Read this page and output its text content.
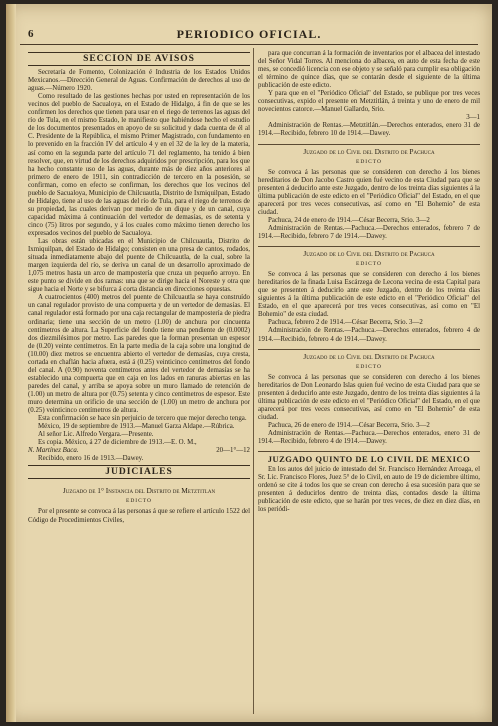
6	PERIODICO OFICIAL.
SECCION DE AVISOS

Secretaría de Fomento, Colonización é Industria de los Estados Unidos Mexicanos.—Dirección General de Aguas. Confirmación de derechos al uso de aguas.—Número 1920.

Como resultado de las gestiones hechas por usted en representación de los vecinos del pueblo de Sacualoya, en el Estado de Hidalgo, á fin de que se les confirmen los derechos que tienen para usar en el riego de terrenos las aguas del río de Tula, en el mismo Estado, le manifiesto que habiéndose hecho el estudio de los documentos presentados en apoyo de su solicitud y dada cuenta de él al C. Presidente de la República, el mismo Primer Magistrado, con fundamento en lo prevenido en la fracción IV del artículo 4 y en el 32 de la ley de la materia, así como en la segunda parte del artículo 71 del reglamento, ha tenido á bien resolver, que, en virtud de los derechos adquiridos por prescripción, para los que ha hecho constante uso de las aguas, durante más de diez años anteriores al primero de enero de 1911, sin contradicción de tercero en la posesión, se confirman, como en efecto se confirman, los derechos que los vecinos del pueblo de Sacualoya, Municipio de Chilcuautla, Distrito de Ixmiquilpan, Estado de Hidalgo, tiene al uso de las aguas del río de Tula, para el riego de terrenos de su propiedad, las cuales derivan por medio de un dique y de un canal, cuya capacidad máxima á continuación del vertedor de demasías, es de setenta y cinco (75) litros por segundo, y á los cuales como máximo tienen derecho los expresados vecinos del pueblo de Sacualoya.

Las obras están ubicadas en el Municipio de Chilcuautla, Distrito de Ixmiquilpan, del Estado de Hidalgo; consisten en una presa de cantos, rodados, situada inmediatamente abajo del puente de Chilcuautla, de la cual, sobre la margen izquierda del río, se deriva un canal de un desarrollo aproximado de 1,075 metros hasta un arco de mampostería que cruza un pequeño arroyo. En este punto se divide en dos ramas: una que se dirige hacia el Noreste y otra que sigue hacia el Norte y se bifurca á corta distancia en direcciones opuestas.

A cuatrocientos (400) metros del puente de Chilcuautla se haya construído un canal regulador provisto de una compuerta y de un vertedor de demasías. El canal regulador está formado por una caja rectangular de mampostería de piedra ordinaria; tiene una sección de un metro (1.00) de anchura por cincuenta centímetros de altura. La Superficie del fondo tiene una pendiente de (0.0002) dos diezmilésimos por metro. Las paredes que la forman presentan un espesor de (0.20) veinte centímetros. En la parte media de la caja sobre una longitud de (10.00) diez metros se encuentra abierto el vertedor de demasías, cuya cresta, cortada en chaflán hacia afuera, está á (0.25) veinticinco centímetros del fondo del canal. A (0.90) noventa centímetros antes del vertedor de demasías se ha establecido una compuerta que en caja en los lados en ranuras abiertas en las paredes del canal, y arriba se apoya sobre un muro llamado de retención de (1.00) un metro de altura por (0.75) setenta y cinco centímetros de espesor. Este muro determina un orificio de una sección de (1.00) un metro de anchura por (0.25) veinticinco centímetros de altura.

Esta confirmación se hace sin perjuicio de tercero que mejor derecho tenga.

México, 19 de septiembre de 1913.—Manuel Garza Aldape.—Rúbrica.

Al señor Lic. Alfredo Vergara.—Presente.

Es copia. México, á 27 de diciembre de 1913.—E. O. M.,

N. Martínez Baca.	20—1°—12

Recibido, enero 16 de 1913.—Dawey.

JUDICIALES
Juzgado de 1° Instancia del Distrito de Metztitlan
EDICTO

Por el presente se convoca á las personas á que se refiere el artículo 1522 del Código de Procedimientos Civiles,

para que concurran á la formación de inventarios por el albacea del intestado del Señor Vidal Torres. Al menciona do albacea, en auto de esta fecha de este mes, se concedió licencia con ese objeto y se señaló para cumplir esa obligación el término de quince días, que se contarán desde el siguiente de la última publicación de este edicto.

Y para que en el "Periódico Oficial" del Estado, se publique por tres veces consecutivas, expido el presente en Metztitlán, á treinta y uno de enero de mil novecientos catorce.—Manuel Gallardo, Srio.

3—1

Administración de Rentas.—Metztitlán.—Derechos enterados, enero 31 de 1914.—Recibido, febrero 10 de 1914.—Dawey.

Juzgado de lo Civil del Distrito de Pachuca
EDICTO

Se convoca á las personas que se consideren con derecho á los bienes hereditarios de Don Jacobo Castro quien fué vecino de esta Ciudad para que se presenten á deducirlo ante este Juzgado, dentro de los treinta días siguientes á la última publicación de este edicto en el "Periódico Oficial" del Estado, en el que aparecerá por tres veces consecutivas, así como en "El Bohemio" de esta ciudad.

Pachuca, 24 de enero de 1914.—César Becerra, Srio. 3—2

Administración de Rentas.—Pachuca.—Derechos enterados, febrero 7 de 1914.—Recibido, febrero 7 de 1914.—Dawey.

Juzgado de lo Civil del Distrito de Pachuca
EDICTO

Se convoca á las personas que se consideren con derecho á los bienes hereditarios de la finada Luisa Escárzega de Lecona vecina de esta Capital para que se presenten á deducirlo ante este Juzgado, dentro de los treinta días siguientes á la última publicación de este edicto en el "Periódico Oficial" del Estado, en el que aparecerá por tres veces consecutivas, así como en "El Bohemio" de esta ciudad.

Pachuca, febrero 2 de 1914.—César Becerra, Srio. 3—2

Administración de Rentas.—Pachuca.—Derechos enterados, febrero 4 de 1914.—Recibido, febrero 4 de 1914.—Dawey.

Juzgado de lo Civil del Distrito de Pachuca
EDICTO

Se convoca á las personas que se consideren con derecho á los bienes hereditarios de Don Leonardo Islas quien fué vecino de esta Ciudad para que se presenten á deducirlo ante este Juzgado, dentro de los treinta días siguientes á la última publicación de este edicto en el "Periódico Oficial" del Estado, en el que aparecerá por tres veces consecutivas, así como en "El Bohemio" de esta ciudad.

Pachuca, 26 de enero de 1914.—César Becerra, Srio. 3—2

Administración de Rentas.—Pachuca.—Derechos enterados, enero 31 de 1914.—Recibido, febrero 4 de 1914.—Dawey.

JUZGADO QUINTO DE LO CIVIL DE MEXICO

En los autos del juicio de intestado del Sr. Francisco Hernández Arroaga, el Sr. Lic. Francisco Flores, Juez 5° de lo Civil, en auto de 19 de diciembre último, ordenó se cite á todos los que se crean con derecho á esa sucesión para que se presenten á deducirlos dentro de treinta días, contados desde la última publicación de este edicto, que se harán por tres veces, de diez en diez días, en los periódi-
